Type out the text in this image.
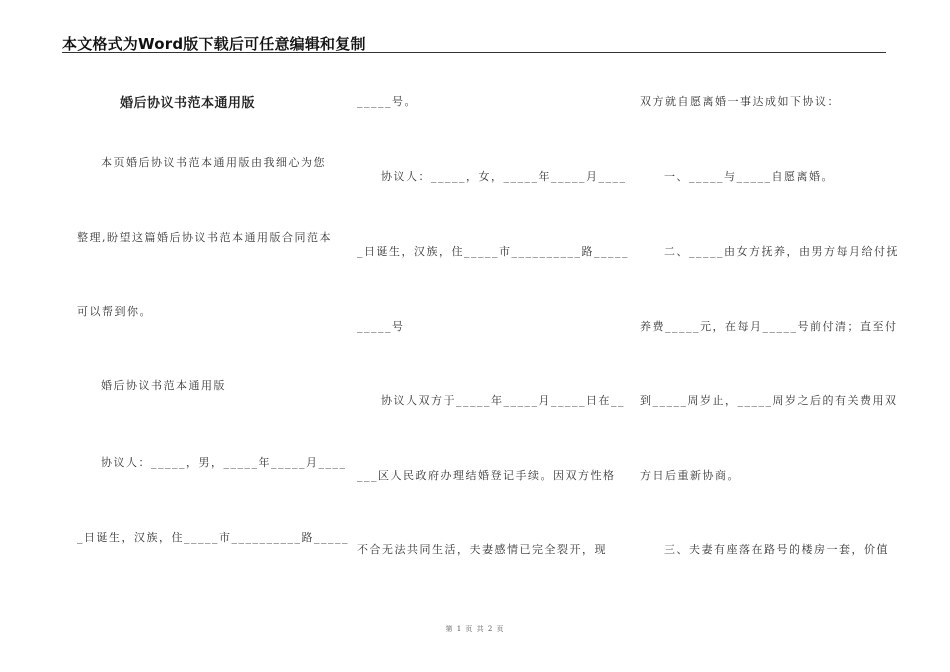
本文格式为Word版下载后可任意编辑和复制
婚后协议书范本通用版
本页婚后协议书范本通用版由我细心为您
整理,盼望这篇婚后协议书范本通用版合同范本
可以帮到你。
婚后协议书范本通用版
协议人：_____，男，_____年_____月____
_日诞生，汉族，住_____市__________路_____
_____号。
协议人：_____，女，_____年_____月____
_日诞生，汉族，住_____市__________路_____
_____号
协议人双方于_____年_____月_____日在__
___区人民政府办理结婚登记手续。因双方性格
不合无法共同生活，夫妻感情已完全裂开，现
双方就自愿离婚一事达成如下协议：
一、_____与_____自愿离婚。
二、_____由女方抚养，由男方每月给付抚
养费_____元，在每月_____号前付清；直至付
到_____周岁止，_____周岁之后的有关费用双
方日后重新协商。
三、夫妻有座落在路号的楼房一套，价值
第 1 页 共 2 页
